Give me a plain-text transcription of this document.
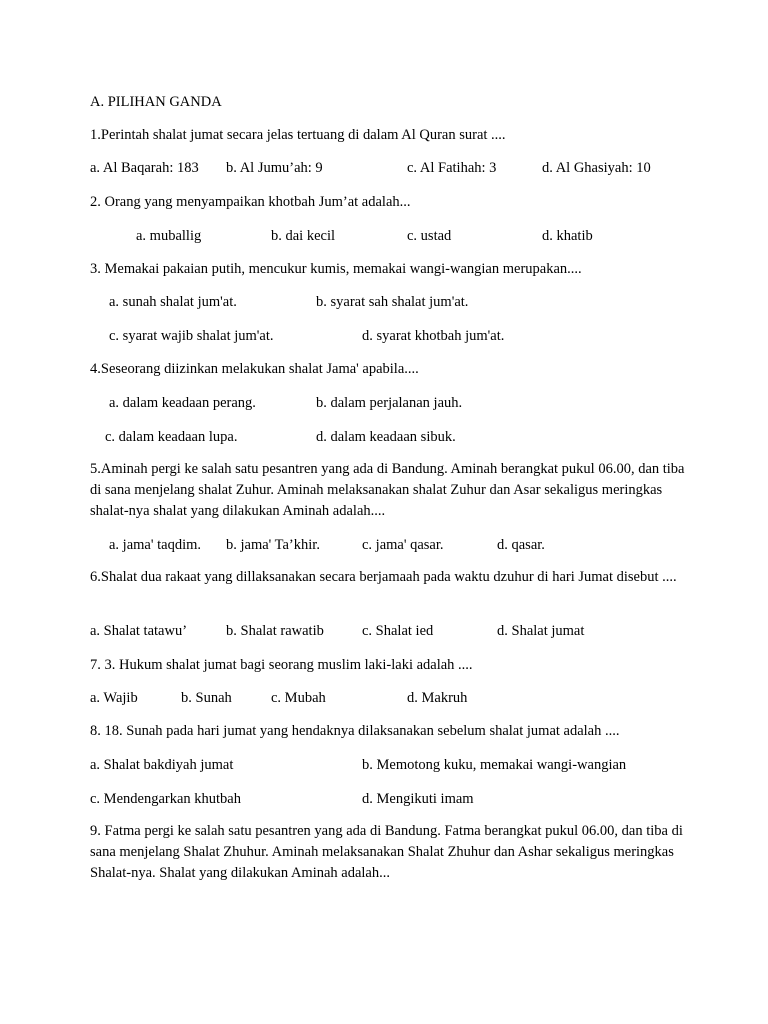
A. PILIHAN GANDA
1.Perintah shalat jumat secara jelas tertuang di dalam Al Quran surat ....
a. Al Baqarah: 183 b. Al Jumu’ah: 9	c. Al Fatihah: 3	d. Al Ghasiyah: 10
2. Orang yang menyampaikan khotbah Jum’at adalah...
a. muballig	b. dai kecil	c. ustad	d. khatib
3. Memakai pakaian putih, mencukur kumis, memakai wangi-wangian merupakan....
a. sunah shalat jum'at.	b. syarat sah shalat jum'at.
c. syarat wajib shalat jum'at.	d. syarat khotbah jum'at.
4.Seseorang diizinkan melakukan shalat Jama' apabila....
a. dalam keadaan perang.	b. dalam perjalanan jauh.
c. dalam keadaan lupa.	d. dalam keadaan sibuk.
5.Aminah pergi ke salah satu pesantren yang ada di Bandung. Aminah berangkat pukul 06.00, dan tiba di sana menjelang shalat Zuhur. Aminah melaksanakan shalat Zuhur dan Asar sekaligus meringkas shalat-nya shalat yang dilakukan Aminah adalah....
a. jama' taqdim. b. jama' Ta’khir.	c. jama' qasar.	d. qasar.
6.Shalat dua rakaat yang dillaksanakan secara berjamaah pada waktu dzuhur di hari Jumat disebut ....
a. Shalat tatawu’	b. Shalat rawatib	c. Shalat ied	d. Shalat jumat
7. 3. Hukum shalat jumat bagi seorang muslim laki-laki adalah ....
a. Wajib	b. Sunah	c. Mubah	d. Makruh
8. 18. Sunah pada hari jumat yang hendaknya dilaksanakan sebelum shalat jumat adalah ....
a. Shalat bakdiyah jumat	b. Memotong kuku, memakai wangi-wangian
c. Mendengarkan khutbah	d. Mengikuti imam
9. Fatma pergi ke salah satu pesantren yang ada di Bandung. Fatma berangkat pukul 06.00, dan tiba di sana menjelang Shalat Zhuhur. Aminah melaksanakan Shalat Zhuhur dan Ashar sekaligus meringkas Shalat-nya. Shalat yang dilakukan Aminah adalah...
